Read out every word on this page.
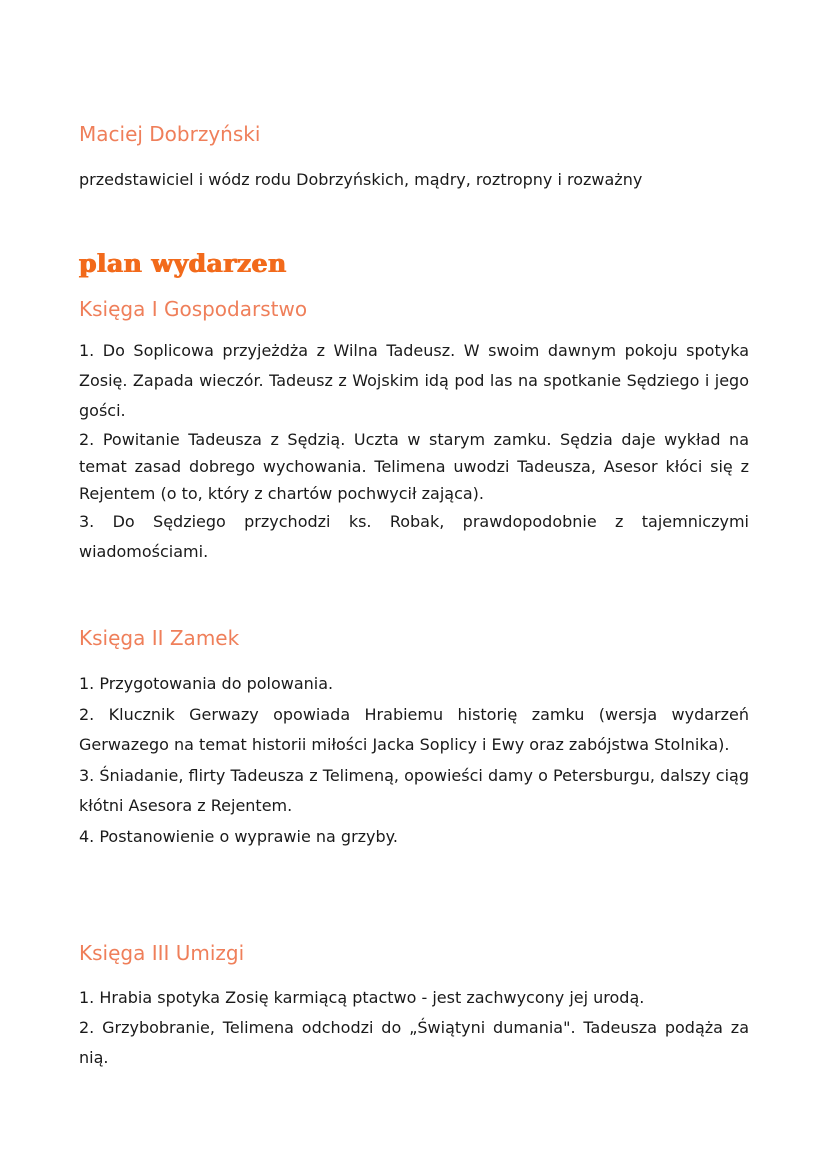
Maciej Dobrzyński

przedstawiciel i wódz rodu Dobrzyńskich, mądry, roztropny i rozważny

plan wydarzen
Księga I Gospodarstwo
1. Do Soplicowa przyjeżdża z Wilna Tadeusz. W swoim dawnym pokoju spotyka Zosię. Zapada wieczór. Tadeusz z Wojskim idą pod las na spotkanie Sędziego i jego gości.
2. Powitanie Tadeusza z Sędzią. Uczta w starym zamku. Sędzia daje wykład na temat zasad dobrego wychowania. Telimena uwodzi Tadeusza, Asesor kłóci się z Rejentem (o to, który z chartów pochwycił zająca).
3. Do Sędziego przychodzi ks. Robak, prawdopodobnie z tajemniczymi wiadomościami.
Księga II Zamek
1. Przygotowania do polowania.
2. Klucznik Gerwazy opowiada Hrabiemu historię zamku (wersja wydarzeń Gerwazego na temat historii miłości Jacka Soplicy i Ewy oraz zabójstwa Stolnika).
3. Śniadanie, flirty Tadeusza z Telimeną, opowieści damy o Petersburgu, dalszy ciąg kłótni Asesora z Rejentem.
4. Postanowienie o wyprawie na grzyby.
Księga III Umizgi
1. Hrabia spotyka Zosię karmiącą ptactwo - jest zachwycony jej urodą.
2. Grzybobranie, Telimena odchodzi do „Świątyni dumania". Tadeusza podąża za nią.
